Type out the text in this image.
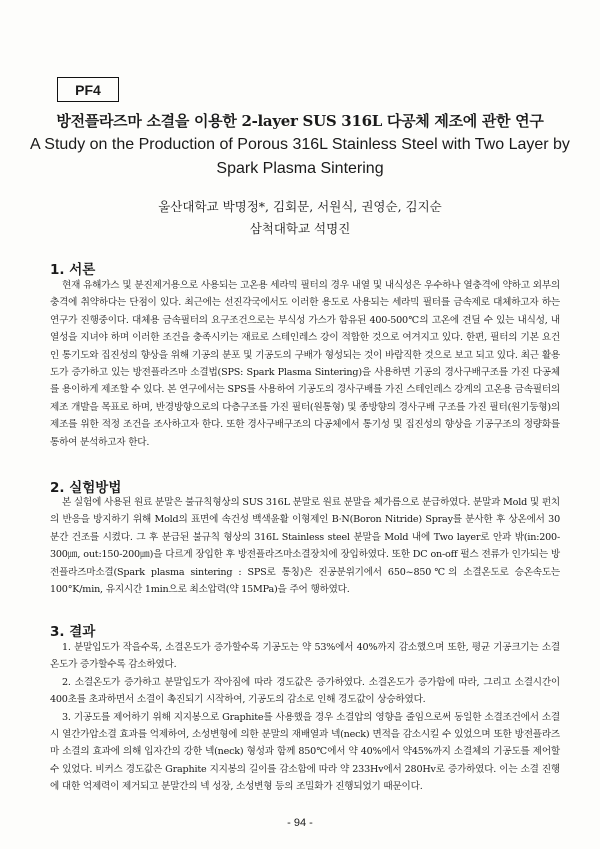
PF4
방전플라즈마 소결을 이용한 2-layer SUS 316L 다공체 제조에 관한 연구
A Study on the Production of Porous 316L Stainless Steel with Two Layer by Spark Plasma Sintering
울산대학교 박명정*, 김회문, 서원식, 권영순, 김지순
삼척대학교 석명진
1. 서론

현재 유해가스 및 분진제거용으로 사용되는 고온용 세라믹 필터의 경우 내열 및 내식성은 우수하나 열충격에 약하고 외부의 충격에 취약하다는 단점이 있다. 최근에는 선진각국에서도 이러한 용도로 사용되는 세라믹 필터를 금속제로 대체하고자 하는 연구가 진행중이다. 대체용 금속필터의 요구조건으로는 부식성 가스가 함유된 400-500℃의 고온에 견딜 수 있는 내식성, 내열성을 지녀야 하며 이러한 조건을 충족시키는 재료로 스테인레스 강이 적합한 것으로 여겨지고 있다. 한편, 필터의 기본 요건인 통기도와 집진성의 향상을 위해 기공의 분포 및 기공도의 구배가 형성되는 것이 바람직한 것으로 보고 되고 있다. 최근 활용도가 증가하고 있는 방전플라즈마 소결법(SPS: Spark Plasma Sintering)을 사용하면 기공의 경사구배구조를 가진 다공체를 용이하게 제조할 수 있다. 본 연구에서는 SPS를 사용하여 기공도의 경사구배를 가진 스테인레스 강계의 고온용 금속필터의 제조 개발을 목표로 하며, 반경방향으로의 다층구조를 가진 필터(원통형) 및 종방향의 경사구배 구조를 가진 필터(원기둥형)의 제조를 위한 적정 조건을 조사하고자 한다. 또한 경사구배구조의 다공체에서 통기성 및 집진성의 향상을 기공구조의 정량화를 통하여 분석하고자 한다.

2. 실험방법

본 실험에 사용된 원료 분말은 불규칙형상의 SUS 316L 분말로 원료 분말을 체가름으로 분급하였다. 분말과 Mold 및 펀치의 반응을 방지하기 위해 Mold의 표면에 속건성 백색윤활 이형제인 B·N(Boron Nitride) Spray를 분사한 후 상온에서 30분간 건조를 시켰다. 그 후 분급된 불규칙 형상의 316L Stainless steel 분말을 Mold 내에 Two layer로 안과 밖(in:200-300㎛, out:150-200㎛)을 다르게 장입한 후 방전플라즈마소결장치에 장입하였다. 또한 DC on-off 펄스 전류가 인가되는 방전플라즈마소결(Spark plasma sintering : SPS로 통칭)은 진공분위기에서 650~850℃의 소결온도로 승온속도는 100°K/min, 유지시간 1min으로 최소압력(약 15MPa)을 주어 행하였다.

3. 결과

1. 분말입도가 작을수록, 소결온도가 증가할수록 기공도는 약 53%에서 40%까지 감소했으며 또한, 평균 기공크기는 소결온도가 증가할수록 감소하였다.

2. 소결온도가 증가하고 분말입도가 작아짐에 따라 경도값은 증가하였다. 소결온도가 증가함에 따라, 그리고 소결시간이 400초를 초과하면서 소결이 촉진되기 시작하여, 기공도의 감소로 인해 경도값이 상승하였다.

3. 기공도를 제어하기 위해 지지봉으로 Graphite를 사용했을 경우 소결압의 영향을 줄임으로써 동일한 소결조건에서 소결 시 열간가압소결 효과를 억제하여, 소성변형에 의한 분말의 재배열과 넥(neck) 면적을 감소시킬 수 있었으며 또한 방전플라즈마 소결의 효과에 의해 입자간의 강한 넥(neck) 형성과 함께 850℃에서 약 40%에서 약45%까지 소결체의 기공도를 제어할 수 있었다. 비커스 경도값은 Graphite 지지봉의 길이를 감소함에 따라 약 233Hv에서 280Hv로 증가하였다. 이는 소결 진행에 대한 억제력이 제거되고 분말간의 넥 성장, 소성변형 등의 조밀화가 진행되었기 때문이다.

- 94 -
